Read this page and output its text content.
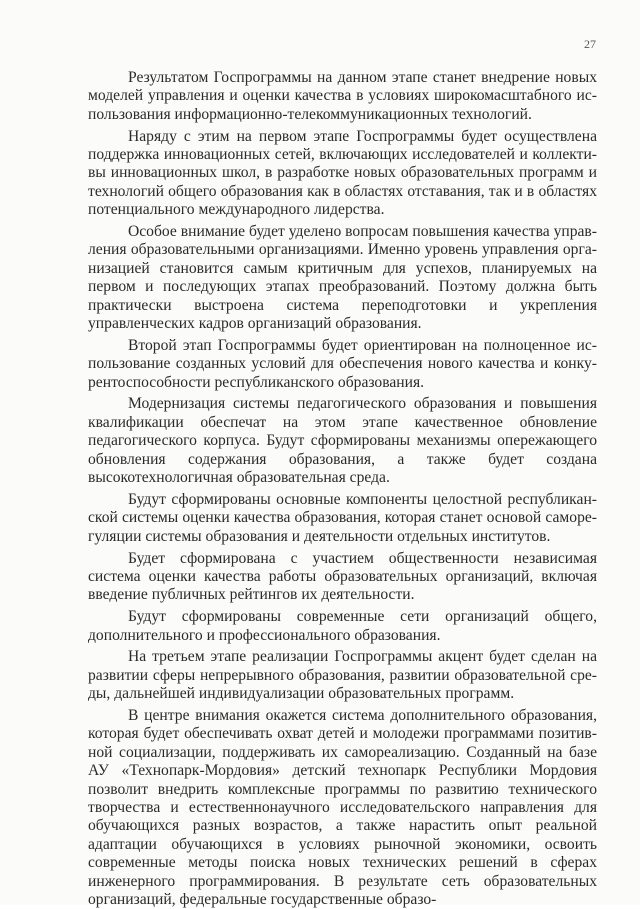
27

Результатом Госпрограммы на данном этапе станет внедрение новых моделей управления и оценки качества в условиях широкомасштабного использования информационно-телекоммуникационных технологий.

Наряду с этим на первом этапе Госпрограммы будет осуществлена поддержка инновационных сетей, включающих исследователей и коллективы инновационных школ, в разработке новых образовательных программ и технологий общего образования как в областях отставания, так и в областях потенциального международного лидерства.

Особое внимание будет уделено вопросам повышения качества управления образовательными организациями. Именно уровень управления организацией становится самым критичным для успехов, планируемых на первом и последующих этапах преобразований. Поэтому должна быть практически выстроена система переподготовки и укрепления управленческих кадров организаций образования.

Второй этап Госпрограммы будет ориентирован на полноценное использование созданных условий для обеспечения нового качества и конкурентоспособности республиканского образования.

Модернизация системы педагогического образования и повышения квалификации обеспечат на этом этапе качественное обновление педагогического корпуса. Будут сформированы механизмы опережающего обновления содержания образования, а также будет создана высокотехнологичная образовательная среда.

Будут сформированы основные компоненты целостной республиканской системы оценки качества образования, которая станет основой саморегуляции системы образования и деятельности отдельных институтов.

Будет сформирована с участием общественности независимая система оценки качества работы образовательных организаций, включая введение публичных рейтингов их деятельности.

Будут сформированы современные сети организаций общего, дополнительного и профессионального образования.

На третьем этапе реализации Госпрограммы акцент будет сделан на развитии сферы непрерывного образования, развитии образовательной среды, дальнейшей индивидуализации образовательных программ.

В центре внимания окажется система дополнительного образования, которая будет обеспечивать охват детей и молодежи программами позитивной социализации, поддерживать их самореализацию. Созданный на базе АУ «Технопарк-Мордовия» детский технопарк Республики Мордовия позволит внедрить комплексные программы по развитию технического творчества и естественнонаучного исследовательского направления для обучающихся разных возрастов, а также нарастить опыт реальной адаптации обучающихся в условиях рыночной экономики, освоить современные методы поиска новых технических решений в сферах инженерного программирования. В результате сеть образовательных организаций, федеральные государственные образо-
